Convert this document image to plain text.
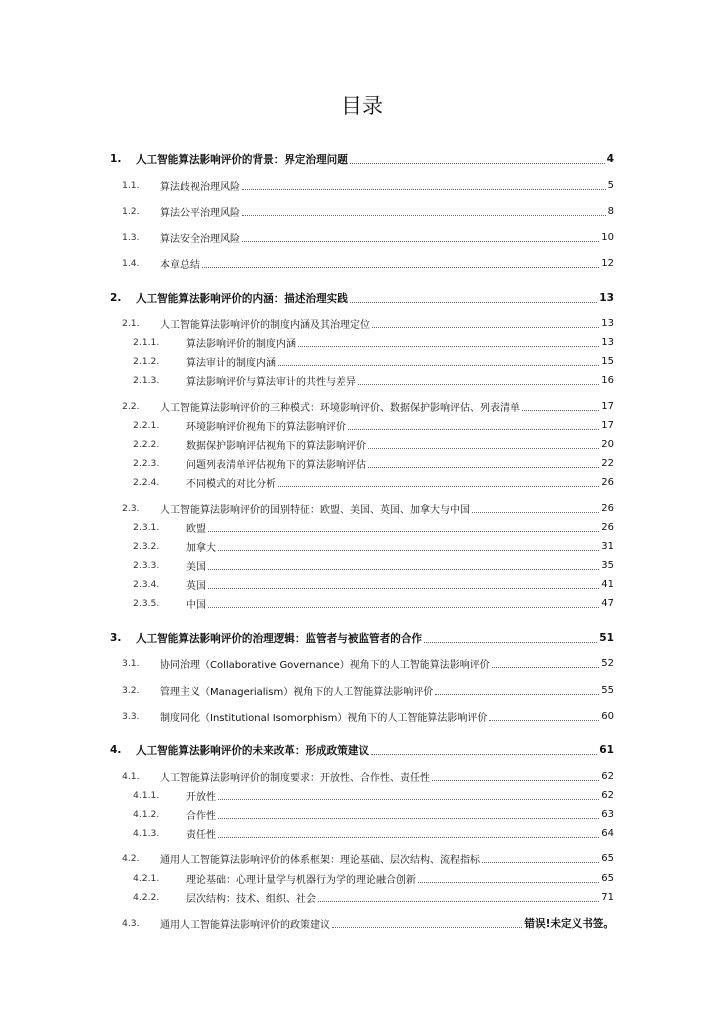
目录
1.	人工智能算法影响评价的背景：界定治理问题	4
1.1.	算法歧视治理风险	5
1.2.	算法公平治理风险	8
1.3.	算法安全治理风险	10
1.4.	本章总结	12
2.	人工智能算法影响评价的内涵：描述治理实践	13
2.1.	人工智能算法影响评价的制度内涵及其治理定位	13
2.1.1.	算法影响评价的制度内涵	13
2.1.2.	算法审计的制度内涵	15
2.1.3.	算法影响评价与算法审计的共性与差异	16
2.2.	人工智能算法影响评价的三种模式：环境影响评价、数据保护影响评估、列表清单	17
2.2.1.	环境影响评价视角下的算法影响评价	17
2.2.2.	数据保护影响评估视角下的算法影响评价	20
2.2.3.	问题列表清单评估视角下的算法影响评估	22
2.2.4.	不同模式的对比分析	26
2.3.	人工智能算法影响评价的国别特征：欧盟、美国、英国、加拿大与中国	26
2.3.1.	欧盟	26
2.3.2.	加拿大	31
2.3.3.	美国	35
2.3.4.	英国	41
2.3.5.	中国	47
3.	人工智能算法影响评价的治理逻辑：监管者与被监管者的合作	51
3.1.	协同治理（Collaborative Governance）视角下的人工智能算法影响评价	52
3.2.	管理主义（Managerialism）视角下的人工智能算法影响评价	55
3.3.	制度同化（Institutional Isomorphism）视角下的人工智能算法影响评价	60
4.	人工智能算法影响评价的未来改革：形成政策建议	61
4.1.	人工智能算法影响评价的制度要求：开放性、合作性、责任性	62
4.1.1.	开放性	62
4.1.2.	合作性	63
4.1.3.	责任性	64
4.2.	通用人工智能算法影响评价的体系框架：理论基础、层次结构、流程指标	65
4.2.1.	理论基础：心理计量学与机器行为学的理论融合创新	65
4.2.2.	层次结构：技术、组织、社会	71
4.3.	通用人工智能算法影响评价的政策建议	错误!未定义书签。
